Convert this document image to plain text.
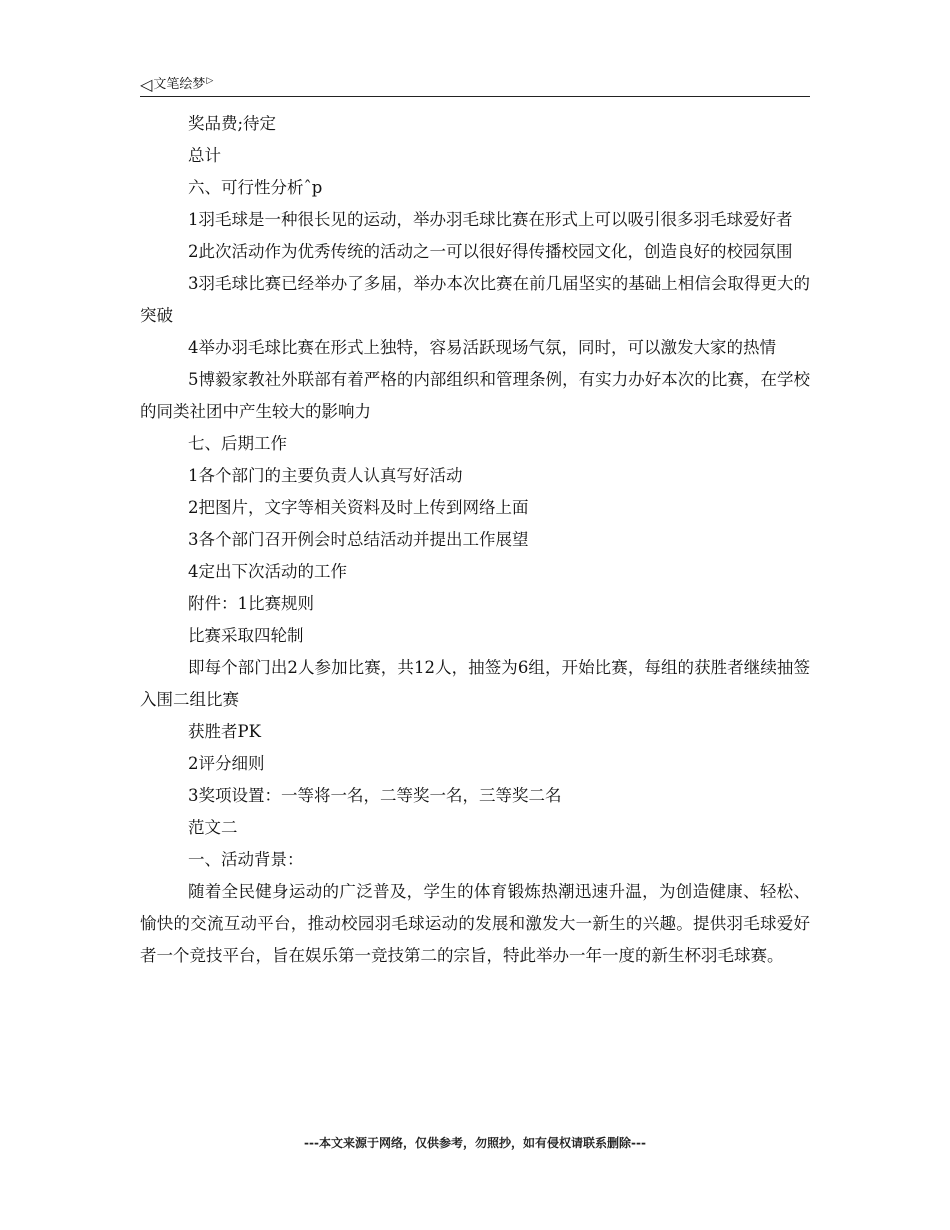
◁ 文笔绘梦 ▷

奖品费;待定

总计

六、可行性分析ˆp

1羽毛球是一种很长见的运动，举办羽毛球比赛在形式上可以吸引很多羽毛球爱好者

2此次活动作为优秀传统的活动之一可以很好得传播校园文化，创造良好的校园氛围

3羽毛球比赛已经举办了多届，举办本次比赛在前几届坚实的基础上相信会取得更大的突破

4举办羽毛球比赛在形式上独特，容易活跃现场气氛，同时，可以激发大家的热情

5博毅家教社外联部有着严格的内部组织和管理条例，有实力办好本次的比赛，在学校的同类社团中产生较大的影响力

七、后期工作

1各个部门的主要负责人认真写好活动

2把图片，文字等相关资料及时上传到网络上面

3各个部门召开例会时总结活动并提出工作展望

4定出下次活动的工作

附件：1比赛规则

比赛采取四轮制

即每个部门出2人参加比赛，共12人，抽签为6组，开始比赛，每组的获胜者继续抽签入围二组比赛

获胜者PK

2评分细则

3奖项设置：一等将一名，二等奖一名，三等奖二名

范文二

一、活动背景：

随着全民健身运动的广泛普及，学生的体育锻炼热潮迅速升温，为创造健康、轻松、愉快的交流互动平台，推动校园羽毛球运动的发展和激发大一新生的兴趣。提供羽毛球爱好者一个竞技平台，旨在娱乐第一竞技第二的宗旨，特此举办一年一度的新生杯羽毛球赛。

---本文来源于网络，仅供参考，勿照抄，如有侵权请联系删除---
